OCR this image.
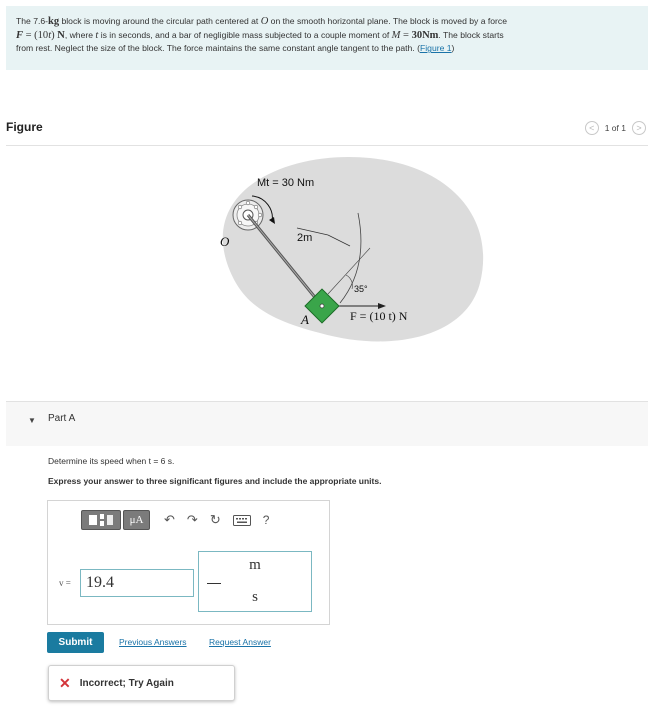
The 7.6-kg block is moving around the circular path centered at O on the smooth horizontal plane. The block is moved by a force
F = (10t) N, where t is in seconds, and a bar of negligible mass subjected to a couple moment of M = 30Nm. The block starts
from rest. Neglect the size of the block. The force maintains the same constant angle tangent to the path. (Figure 1)
Figure	< 1 of 1 >
Mt = 30 Nm
2m
O
A
35°
F = (10 t) N
▼ Part A
Determine its speed when t = 6 s.
Express your answer to three significant figures and include the appropriate units.
μA	↶ ↷ ↻	?
v = 19.4
m
s
Submit	Previous Answers	Request Answer
✕ Incorrect; Try Again
